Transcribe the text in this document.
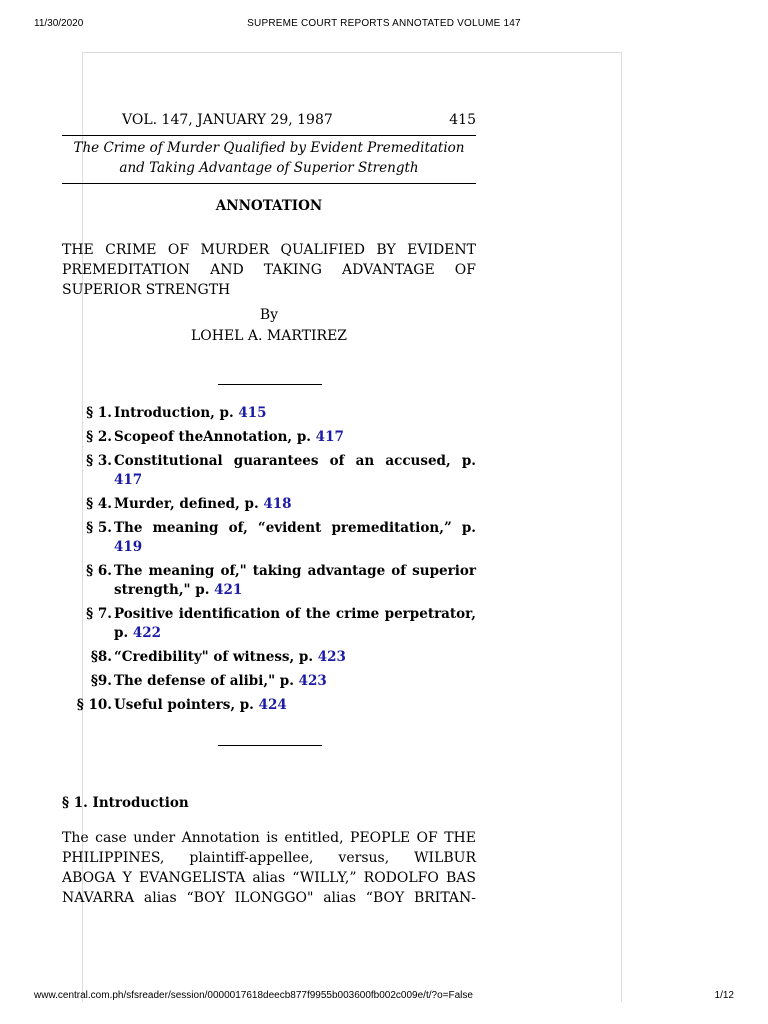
11/30/2020	SUPREME COURT REPORTS ANNOTATED VOLUME 147
VOL. 147, JANUARY 29, 1987	415
The Crime of Murder Qualified by Evident Premeditation
and Taking Advantage of Superior Strength
ANNOTATION
THE CRIME OF MURDER QUALIFIED BY EVIDENT PREMEDITATION AND TAKING ADVANTAGE OF SUPERIOR STRENGTH
By
LOHEL A. MARTIREZ
§ 1. Introduction, p. 415
§ 2. Scopeof theAnnotation, p. 417
§ 3. Constitutional guarantees of an accused, p. 417
§ 4. Murder, defined, p. 418
§ 5. The meaning of, “evident premeditation,” p. 419
§ 6. The meaning of," taking advantage of superior strength," p. 421
§ 7. Positive identification of the crime perpetrator, p. 422
§8. “Credibility" of witness, p. 423
§9. The defense of alibi," p. 423
§ 10. Useful pointers, p. 424
§ 1. Introduction
The case under Annotation is entitled, PEOPLE OF THE
PHILIPPINES, plaintiff-appellee, versus, WILBUR
ABOGA Y EVANGELISTA alias “WILLY,” RODOLFO BAS
NAVARRA alias “BOY ILONGGO" alias “BOY BRITAN-
www.central.com.ph/sfsreader/session/0000017618deecb877f9955b003600fb002c009e/t/?o=False	1/12
